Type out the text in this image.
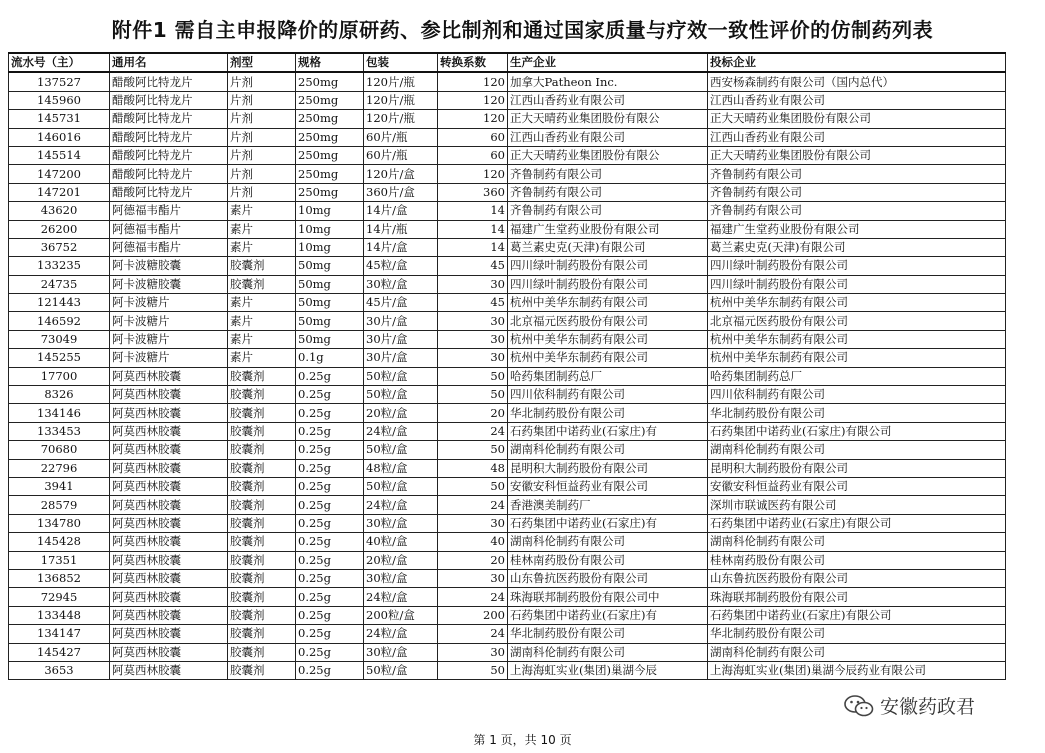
附件1 需自主申报降价的原研药、参比制剂和通过国家质量与疗效一致性评价的仿制药列表
流水号（主）	通用名	剂型	规格	包装	转换系数	生产企业	投标企业
137527	醋酸阿比特龙片	片剂	250mg	120片/瓶	120	加拿大Patheon Inc.	西安杨森制药有限公司（国内总代）
145960	醋酸阿比特龙片	片剂	250mg	120片/瓶	120	江西山香药业有限公司	江西山香药业有限公司
145731	醋酸阿比特龙片	片剂	250mg	120片/瓶	120	正大天晴药业集团股份有限公	正大天晴药业集团股份有限公司
146016	醋酸阿比特龙片	片剂	250mg	60片/瓶	60	江西山香药业有限公司	江西山香药业有限公司
145514	醋酸阿比特龙片	片剂	250mg	60片/瓶	60	正大天晴药业集团股份有限公	正大天晴药业集团股份有限公司
147200	醋酸阿比特龙片	片剂	250mg	120片/盒	120	齐鲁制药有限公司	齐鲁制药有限公司
147201	醋酸阿比特龙片	片剂	250mg	360片/盒	360	齐鲁制药有限公司	齐鲁制药有限公司
43620	阿德福韦酯片	素片	10mg	14片/盒	14	齐鲁制药有限公司	齐鲁制药有限公司
26200	阿德福韦酯片	素片	10mg	14片/瓶	14	福建广生堂药业股份有限公司	福建广生堂药业股份有限公司
36752	阿德福韦酯片	素片	10mg	14片/盒	14	葛兰素史克(天津)有限公司	葛兰素史克(天津)有限公司
133235	阿卡波糖胶囊	胶囊剂	50mg	45粒/盒	45	四川绿叶制药股份有限公司	四川绿叶制药股份有限公司
24735	阿卡波糖胶囊	胶囊剂	50mg	30粒/盒	30	四川绿叶制药股份有限公司	四川绿叶制药股份有限公司
121443	阿卡波糖片	素片	50mg	45片/盒	45	杭州中美华东制药有限公司	杭州中美华东制药有限公司
146592	阿卡波糖片	素片	50mg	30片/盒	30	北京福元医药股份有限公司	北京福元医药股份有限公司
73049	阿卡波糖片	素片	50mg	30片/盒	30	杭州中美华东制药有限公司	杭州中美华东制药有限公司
145255	阿卡波糖片	素片	0.1g	30片/盒	30	杭州中美华东制药有限公司	杭州中美华东制药有限公司
17700	阿莫西林胶囊	胶囊剂	0.25g	50粒/盒	50	哈药集团制药总厂	哈药集团制药总厂
8326	阿莫西林胶囊	胶囊剂	0.25g	50粒/盒	50	四川依科制药有限公司	四川依科制药有限公司
134146	阿莫西林胶囊	胶囊剂	0.25g	20粒/盒	20	华北制药股份有限公司	华北制药股份有限公司
133453	阿莫西林胶囊	胶囊剂	0.25g	24粒/盒	24	石药集团中诺药业(石家庄)有	石药集团中诺药业(石家庄)有限公司
70680	阿莫西林胶囊	胶囊剂	0.25g	50粒/盒	50	湖南科伦制药有限公司	湖南科伦制药有限公司
22796	阿莫西林胶囊	胶囊剂	0.25g	48粒/盒	48	昆明积大制药股份有限公司	昆明积大制药股份有限公司
3941	阿莫西林胶囊	胶囊剂	0.25g	50粒/盒	50	安徽安科恒益药业有限公司	安徽安科恒益药业有限公司
28579	阿莫西林胶囊	胶囊剂	0.25g	24粒/盒	24	香港澳美制药厂	深圳市联诚医药有限公司
134780	阿莫西林胶囊	胶囊剂	0.25g	30粒/盒	30	石药集团中诺药业(石家庄)有	石药集团中诺药业(石家庄)有限公司
145428	阿莫西林胶囊	胶囊剂	0.25g	40粒/盒	40	湖南科伦制药有限公司	湖南科伦制药有限公司
17351	阿莫西林胶囊	胶囊剂	0.25g	20粒/盒	20	桂林南药股份有限公司	桂林南药股份有限公司
136852	阿莫西林胶囊	胶囊剂	0.25g	30粒/盒	30	山东鲁抗医药股份有限公司	山东鲁抗医药股份有限公司
72945	阿莫西林胶囊	胶囊剂	0.25g	24粒/盒	24	珠海联邦制药股份有限公司中	珠海联邦制药股份有限公司
133448	阿莫西林胶囊	胶囊剂	0.25g	200粒/盒	200	石药集团中诺药业(石家庄)有	石药集团中诺药业(石家庄)有限公司
134147	阿莫西林胶囊	胶囊剂	0.25g	24粒/盒	24	华北制药股份有限公司	华北制药股份有限公司
145427	阿莫西林胶囊	胶囊剂	0.25g	30粒/盒	30	湖南科伦制药有限公司	湖南科伦制药有限公司
3653	阿莫西林胶囊	胶囊剂	0.25g	50粒/盒	50	上海海虹实业(集团)巢湖今辰	上海海虹实业(集团)巢湖今辰药业有限公司
第 1 页，共 10 页
安徽药政君
